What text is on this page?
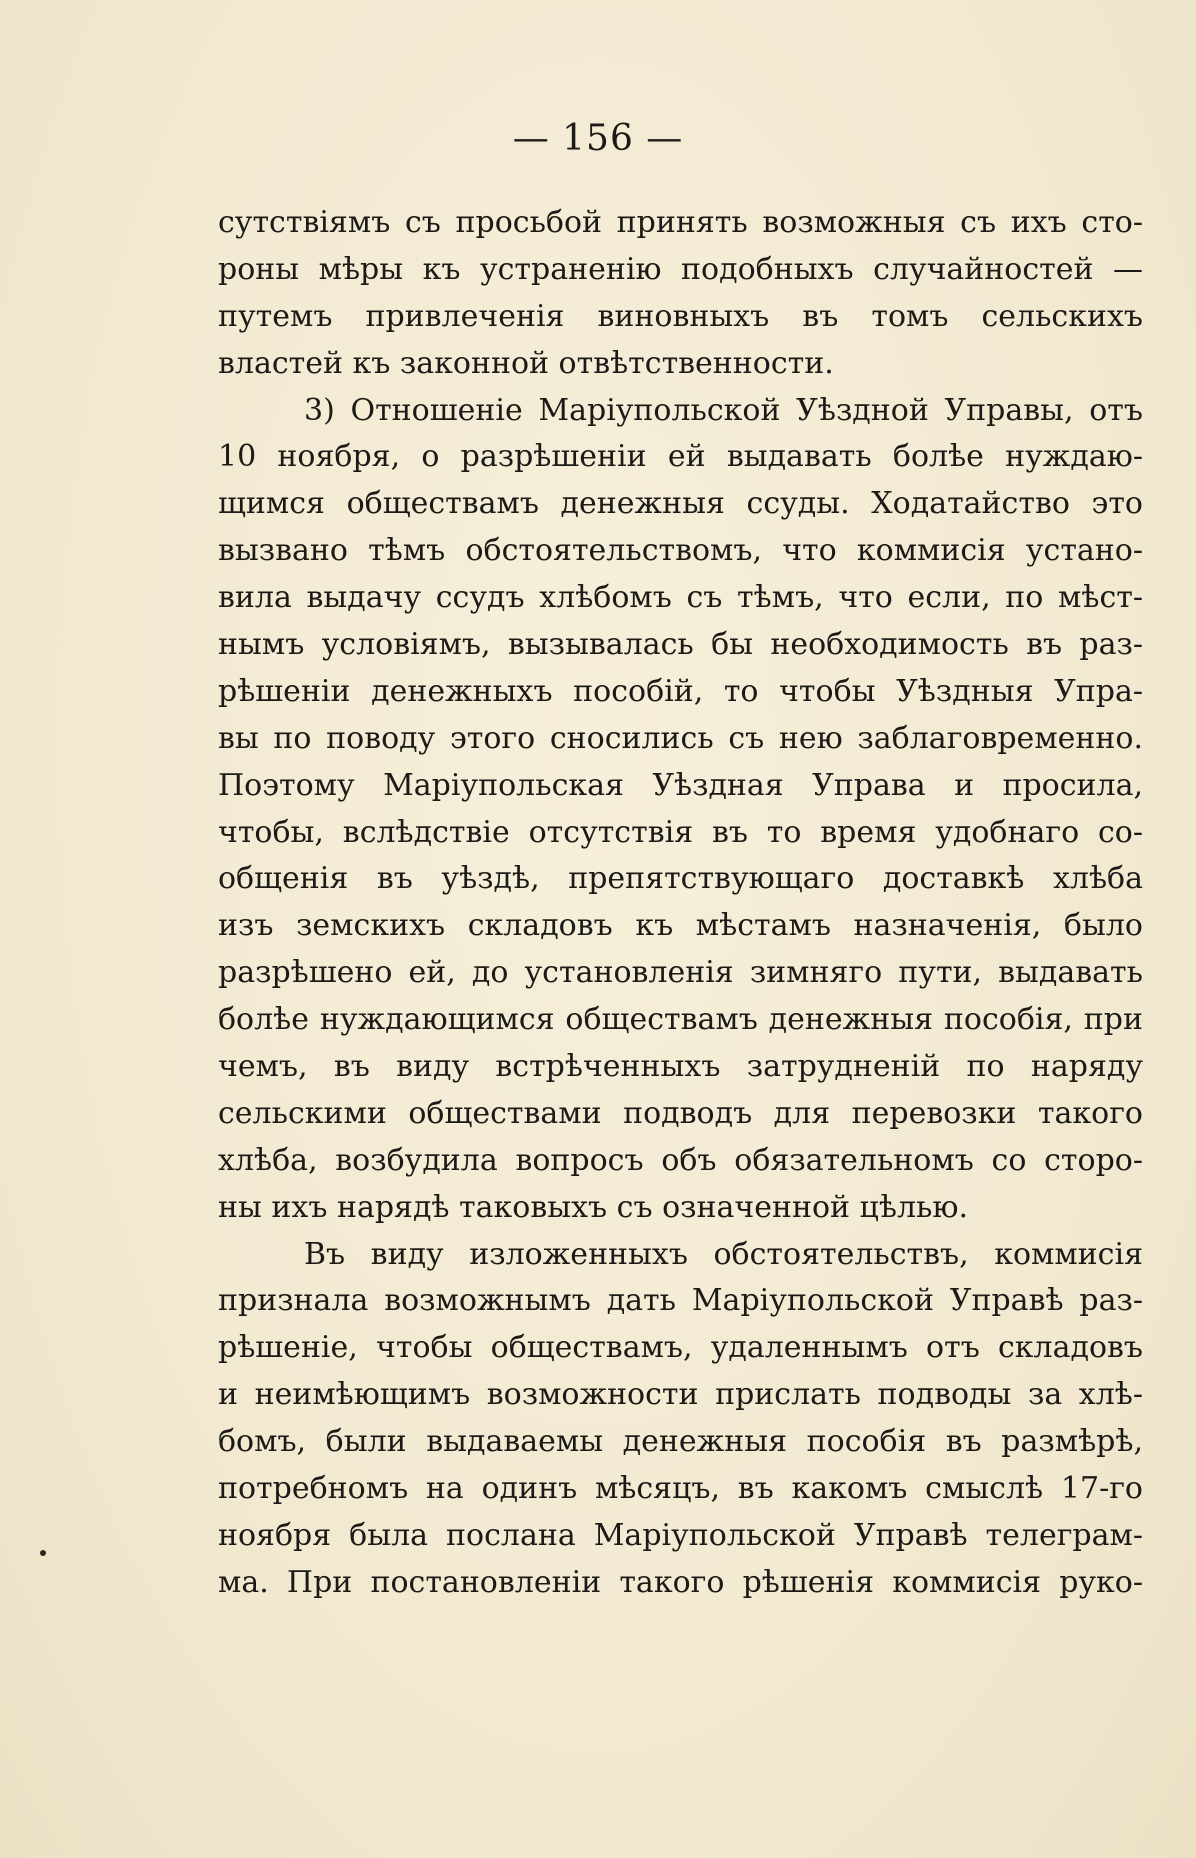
— 156 —
сутствіямъ съ просьбой принять возможныя съ ихъ сто-
роны мѣры къ устраненію подобныхъ случайностей —
путемъ привлеченія виновныхъ въ томъ сельскихъ
властей къ законной отвѣтственности.
3) Отношеніе Маріупольской Уѣздной Управы, отъ
10 ноября, о разрѣшеніи ей выдавать болѣе нуждаю-
щимся обществамъ денежныя ссуды. Ходатайство это
вызвано тѣмъ обстоятельствомъ, что коммисія устано-
вила выдачу ссудъ хлѣбомъ съ тѣмъ, что если, по мѣст-
нымъ условіямъ, вызывалась бы необходимость въ раз-
рѣшеніи денежныхъ пособій, то чтобы Уѣздныя Упра-
вы по поводу этого сносились съ нею заблаговременно.
Поэтому Маріупольская Уѣздная Управа и просила,
чтобы, вслѣдствіе отсутствія въ то время удобнаго со-
общенія въ уѣздѣ, препятствующаго доставкѣ хлѣба
изъ земскихъ складовъ къ мѣстамъ назначенія, было
разрѣшено ей, до установленія зимняго пути, выдавать
болѣе нуждающимся обществамъ денежныя пособія, при
чемъ, въ виду встрѣченныхъ затрудненій по наряду
сельскими обществами подводъ для перевозки такого
хлѣба, возбудила вопросъ объ обязательномъ со сторо-
ны ихъ нарядѣ таковыхъ съ означенной цѣлью.
Въ виду изложенныхъ обстоятельствъ, коммисія
признала возможнымъ дать Маріупольской Управѣ раз-
рѣшеніе, чтобы обществамъ, удаленнымъ отъ складовъ
и неимѣющимъ возможности прислать подводы за хлѣ-
бомъ, были выдаваемы денежныя пособія въ размѣрѣ,
потребномъ на одинъ мѣсяцъ, въ какомъ смыслѣ 17-го
ноября была послана Маріупольской Управѣ телеграм-
ма. При постановленіи такого рѣшенія коммисія руко-
